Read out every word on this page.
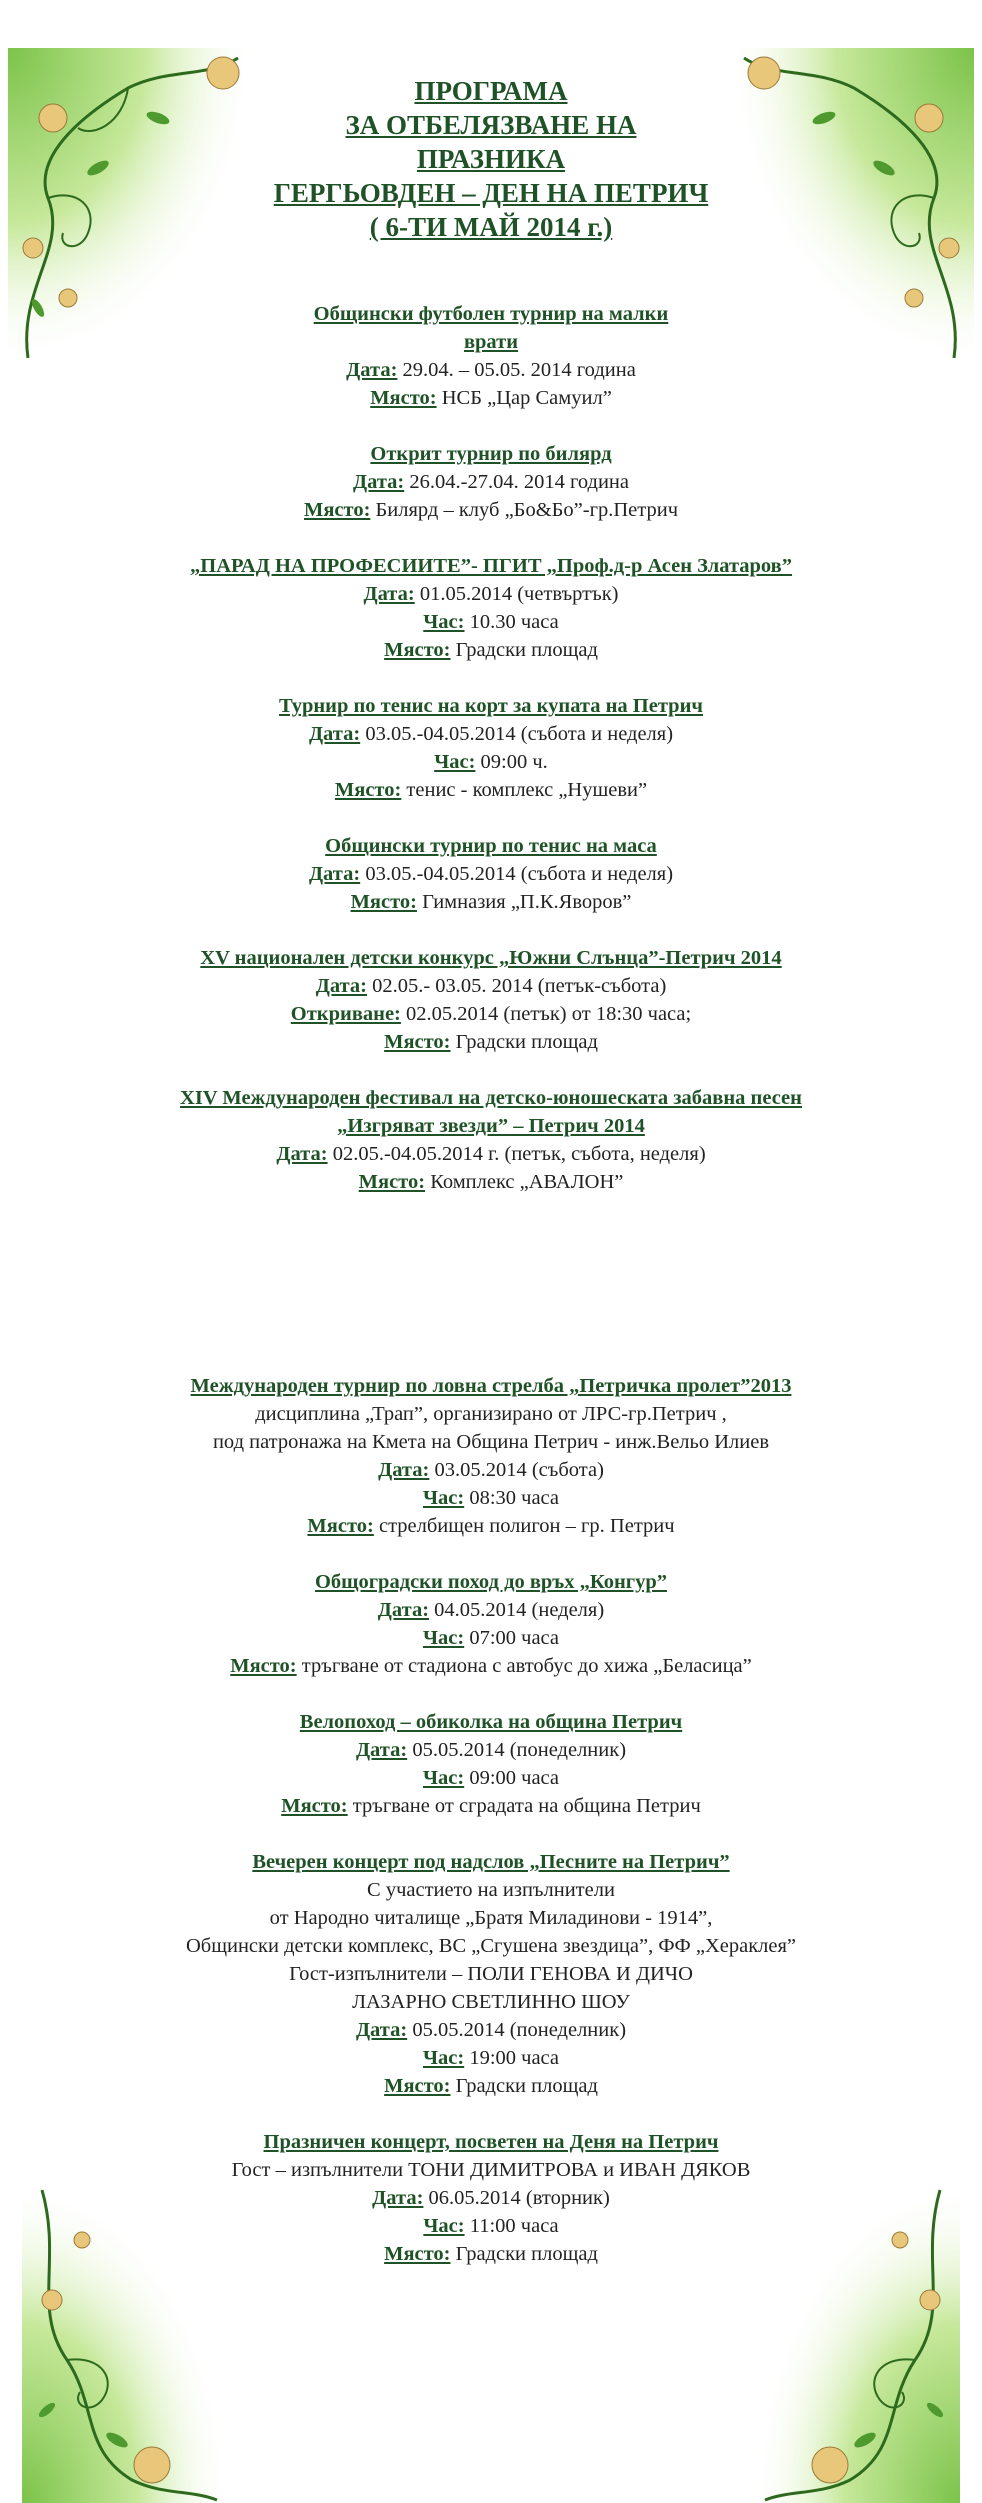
ПРОГРАМА
ЗА ОТБЕЛЯЗВАНЕ НА
ПРАЗНИКА
ГЕРГЬОВДЕН – ДЕН НА ПЕТРИЧ
( 6-ТИ МАЙ 2014 г.)
Общински футболен турнир на малки
врати
Дата: 29.04. – 05.05. 2014 година
Място: НСБ „Цар Самуил”
Открит турнир по билярд
Дата: 26.04.-27.04. 2014 година
Място: Билярд – клуб „Бо&Бо”-гр.Петрич
„ПАРАД НА ПРОФЕСИИТЕ”- ПГИТ „Проф.д-р Асен Златаров”
Дата: 01.05.2014 (четвъртък)
Час: 10.30 часа
Място: Градски площад
Турнир по тенис на корт за купата на Петрич
Дата: 03.05.-04.05.2014 (събота и неделя)
Час: 09:00 ч.
Място: тенис - комплекс „Нушеви”
Общински турнир по тенис на маса
Дата: 03.05.-04.05.2014 (събота и неделя)
Място: Гимназия „П.К.Яворов”
XV национален детски конкурс „Южни Слънца”-Петрич 2014
Дата: 02.05.- 03.05. 2014 (петък-събота)
Откриване: 02.05.2014 (петък) от 18:30 часа;
Място: Градски площад
XIV Международен фестивал на детско-юношеската забавна песен
„Изгряват звезди” – Петрич 2014
Дата: 02.05.-04.05.2014 г. (петък, събота, неделя)
Място: Комплекс „АВАЛОН”
Международен турнир по ловна стрелба „Петричка пролет”2013
дисциплина „Трап”, организирано от ЛРС-гр.Петрич ,
под патронажа на Кмета на Община Петрич - инж.Вельо Илиев
Дата: 03.05.2014 (събота)
Час: 08:30 часа
Място: стрелбищен полигон – гр. Петрич
Общоградски поход до връх „Конгур”
Дата: 04.05.2014 (неделя)
Час: 07:00 часа
Място: тръгване от стадиона с автобус до хижа „Беласица”
Велопоход – обиколка на община Петрич
Дата: 05.05.2014 (понеделник)
Час: 09:00 часа
Място: тръгване от сградата на община Петрич
Вечерен концерт под надслов „Песните на Петрич”
С участието на изпълнители
от Народно читалище „Братя Миладинови - 1914”,
Общински детски комплекс, ВС „Сгушена звездица”, ФФ „Хераклея”
Гост-изпълнители – ПОЛИ ГЕНОВА И ДИЧО
ЛАЗАРНО СВЕТЛИННО ШОУ
Дата: 05.05.2014 (понеделник)
Час: 19:00 часа
Място: Градски площад
Празничен концерт, посветен на Деня на Петрич
Гост – изпълнители ТОНИ ДИМИТРОВА и ИВАН ДЯКОВ
Дата: 06.05.2014 (вторник)
Час: 11:00 часа
Място: Градски площад
